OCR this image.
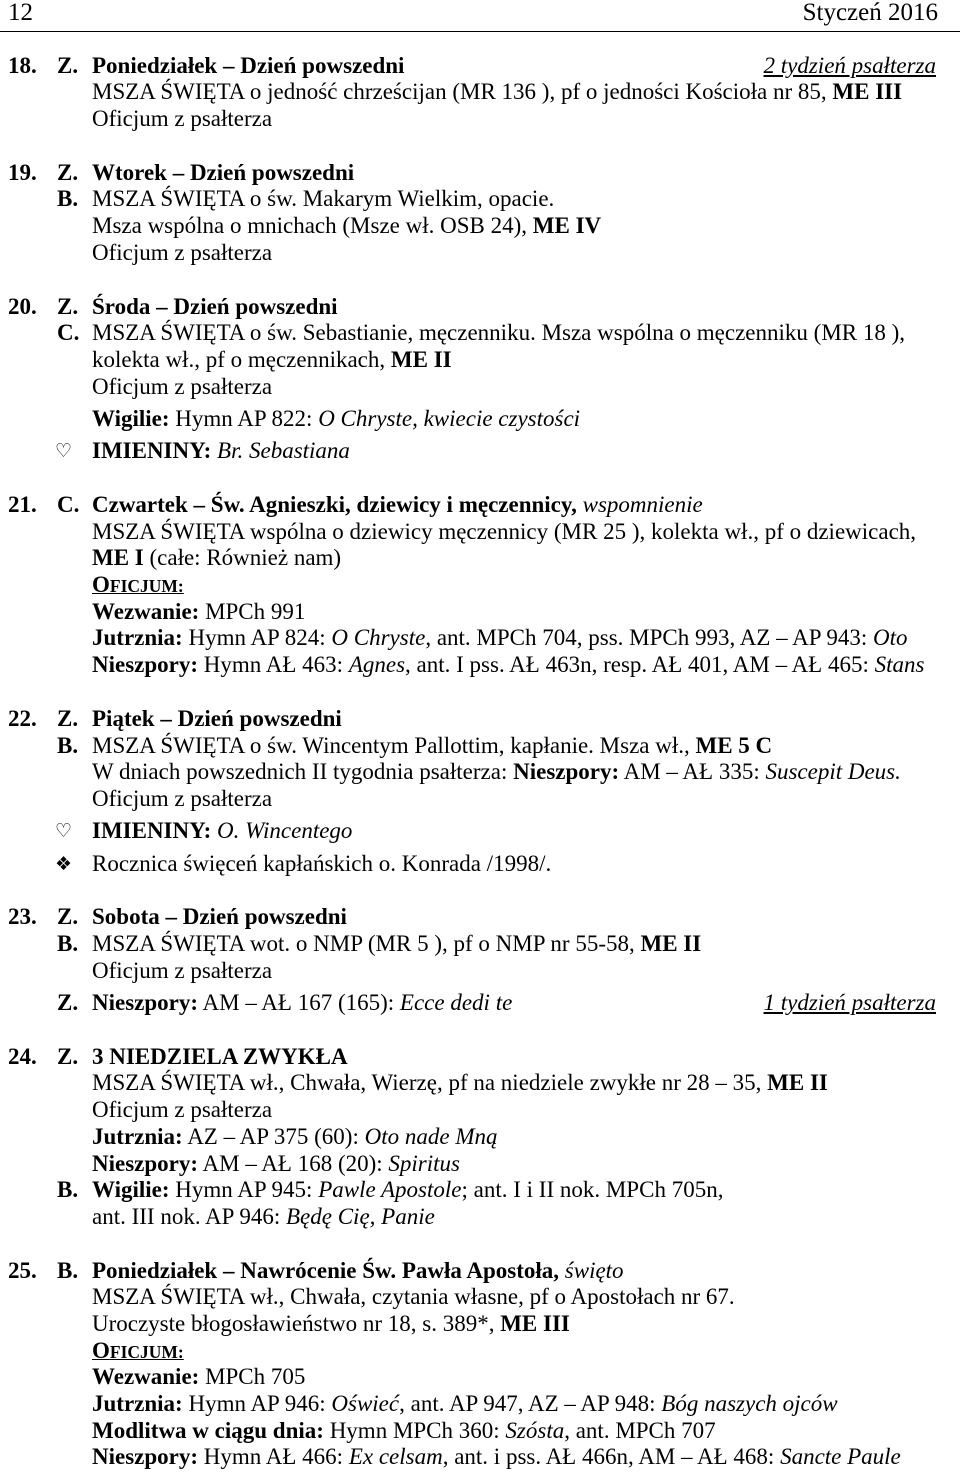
12	Styczeń 2016
18. Z. Poniedziałek – Dzień powszedni	2 tydzień psałterza
MSZA ŚWIĘTA o jedność chrześcijan (MR 136 ), pf o jedności Kościoła nr 85, ME III
Oficjum z psałterza
19. Z. Wtorek – Dzień powszedni
B. MSZA ŚWIĘTA o św. Makarym Wielkim, opacie.
Msza wspólna o mnichach (Msze wł. OSB 24), ME IV
Oficjum z psałterza
20. Z. Środa – Dzień powszedni
C. MSZA ŚWIĘTA o św. Sebastianie, męczenniku. Msza wspólna o męczenniku (MR 18 ),
kolekta wł., pf o męczennikach, ME II
Oficjum z psałterza
Wigilie: Hymn AP 822: O Chryste, kwiecie czystości
♡ IMIENINY: Br. Sebastiana
21. C. Czwartek – Św. Agnieszki, dziewicy i męczennicy, wspomnienie
MSZA ŚWIĘTA wspólna o dziewicy męczennicy (MR 25 ), kolekta wł., pf o dziewicach,
ME I (całe: Również nam)
OFICJUM:
Wezwanie: MPCh 991
Jutrznia: Hymn AP 824: O Chryste, ant. MPCh 704, pss. MPCh 993, AZ – AP 943: Oto
Nieszpory: Hymn AŁ 463: Agnes, ant. I pss. AŁ 463n, resp. AŁ 401, AM – AŁ 465: Stans
22. Z. Piątek – Dzień powszedni
B. MSZA ŚWIĘTA o św. Wincentym Pallottim, kapłanie. Msza wł., ME 5 C
W dniach powszednich II tygodnia psałterza: Nieszpory: AM – AŁ 335: Suscepit Deus.
Oficjum z psałterza
♡ IMIENINY: O. Wincentego
❖ Rocznica święceń kapłańskich o. Konrada /1998/.
23. Z. Sobota – Dzień powszedni
B. MSZA ŚWIĘTA wot. o NMP (MR 5 ), pf o NMP nr 55-58, ME II
Oficjum z psałterza
Z. Nieszpory: AM – AŁ 167 (165): Ecce dedi te	1 tydzień psałterza
24. Z. 3 NIEDZIELA ZWYKŁA
MSZA ŚWIĘTA wł., Chwała, Wierzę, pf na niedziele zwykłe nr 28 – 35, ME II
Oficjum z psałterza
Jutrznia: AZ – AP 375 (60): Oto nade Mną
Nieszpory: AM – AŁ 168 (20): Spiritus
B. Wigilie: Hymn AP 945: Pawle Apostole; ant. I i II nok. MPCh 705n,
ant. III nok. AP 946: Będę Cię, Panie
25. B. Poniedziałek – Nawrócenie Św. Pawła Apostoła, święto
MSZA ŚWIĘTA wł., Chwała, czytania własne, pf o Apostołach nr 67.
Uroczyste błogosławieństwo nr 18, s. 389*, ME III
OFICJUM:
Wezwanie: MPCh 705
Jutrznia: Hymn AP 946: Oświeć, ant. AP 947, AZ – AP 948: Bóg naszych ojców
Modlitwa w ciągu dnia: Hymn MPCh 360: Szósta, ant. MPCh 707
Nieszpory: Hymn AŁ 466: Ex celsam, ant. i pss. AŁ 466n, AM – AŁ 468: Sancte Paule
